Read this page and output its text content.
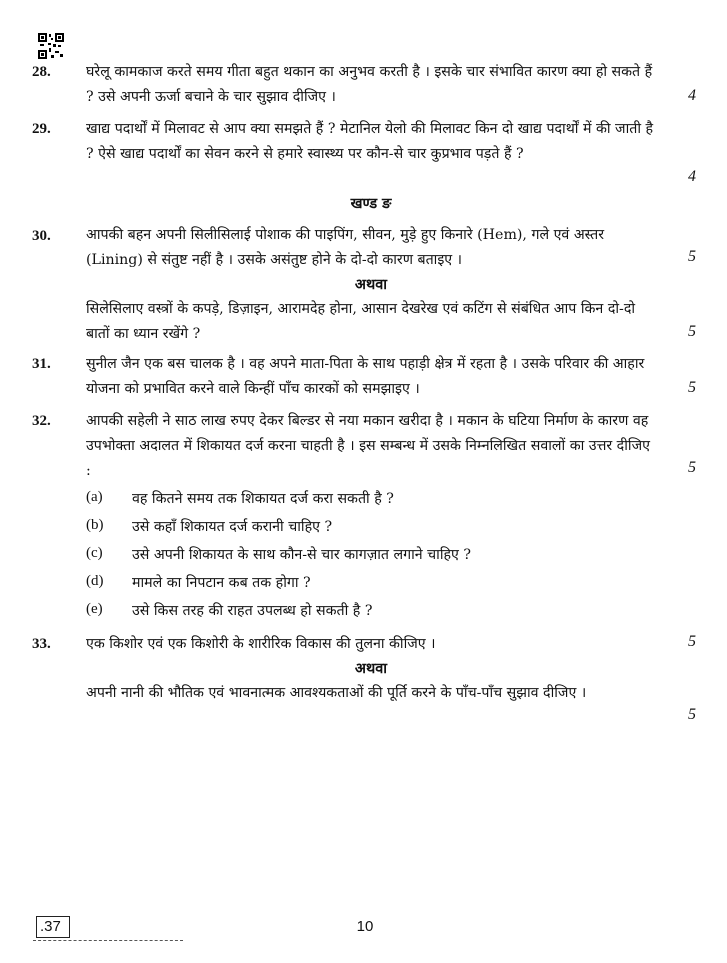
28. घरेलू कामकाज करते समय गीता बहुत थकान का अनुभव करती है । इसके चार संभावित कारण क्या हो सकते हैं ? उसे अपनी ऊर्जा बचाने के चार सुझाव दीजिए ।	4
29. खाद्य पदार्थों में मिलावट से आप क्या समझते हैं ? मेटानिल येलो की मिलावट किन दो खाद्य पदार्थों में की जाती है ? ऐसे खाद्य पदार्थों का सेवन करने से हमारे स्वास्थ्य पर कौन-से चार कुप्रभाव पड़ते हैं ?
4
खण्ड ङ
30. आपकी बहन अपनी सिलीसिलाई पोशाक की पाइपिंग, सीवन, मुड़े हुए किनारे (Hem), गले एवं अस्तर (Lining) से संतुष्ट नहीं है । उसके असंतुष्ट होने के दो-दो कारण बताइए ।	5
अथवा
सिलेसिलाए वस्त्रों के कपड़े, डिज़ाइन, आरामदेह होना, आसान देखरेख एवं कटिंग से संबंधित आप किन दो-दो बातों का ध्यान रखेंगे ?	5
31. सुनील जैन एक बस चालक है । वह अपने माता-पिता के साथ पहाड़ी क्षेत्र में रहता है । उसके परिवार की आहार योजना को प्रभावित करने वाले किन्हीं पाँच कारकों को समझाइए ।	5
32. आपकी सहेली ने साठ लाख रुपए देकर बिल्डर से नया मकान खरीदा है । मकान के घटिया निर्माण के कारण वह उपभोक्ता अदालत में शिकायत दर्ज करना चाहती है । इस सम्बन्ध में उसके निम्नलिखित सवालों का उत्तर दीजिए :	5
(a) वह कितने समय तक शिकायत दर्ज करा सकती है ?
(b) उसे कहाँ शिकायत दर्ज करानी चाहिए ?
(c) उसे अपनी शिकायत के साथ कौन-से चार कागज़ात लगाने चाहिए ?
(d) मामले का निपटान कब तक होगा ?
(e) उसे किस तरह की राहत उपलब्ध हो सकती है ?
33. एक किशोर एवं एक किशोरी के शारीरिक विकास की तुलना कीजिए ।	5
अथवा
अपनी नानी की भौतिक एवं भावनात्मक आवश्यकताओं की पूर्ति करने के पाँच-पाँच सुझाव दीजिए ।
5
.37	10
